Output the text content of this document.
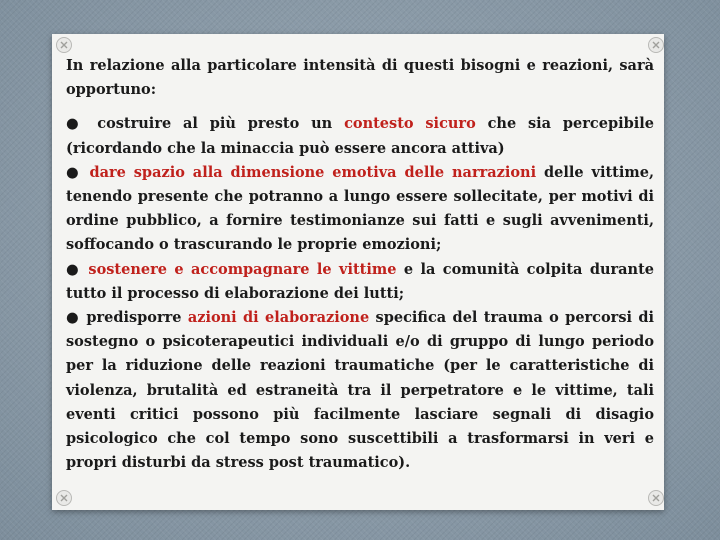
In relazione alla particolare intensità di questi bisogni e reazioni, sarà opportuno:

● costruire al più presto un contesto sicuro che sia percepibile (ricordando che la minaccia può essere ancora attiva)

● dare spazio alla dimensione emotiva delle narrazioni delle vittime, tenendo presente che potranno a lungo essere sollecitate, per motivi di ordine pubblico, a fornire testimonianze sui fatti e sugli avvenimenti, soffocando o trascurando le proprie emozioni;

● sostenere e accompagnare le vittime e la comunità colpita durante tutto il processo di elaborazione dei lutti;

● predisporre azioni di elaborazione specifica del trauma o percorsi di sostegno o psicoterapeutici individuali e/o di gruppo di lungo periodo per la riduzione delle reazioni traumatiche (per le caratteristiche di violenza, brutalità ed estraneità tra il perpetratore e le vittime, tali eventi critici possono più facilmente lasciare segnali di disagio psicologico che col tempo sono suscettibili a trasformarsi in veri e propri disturbi da stress post traumatico).
